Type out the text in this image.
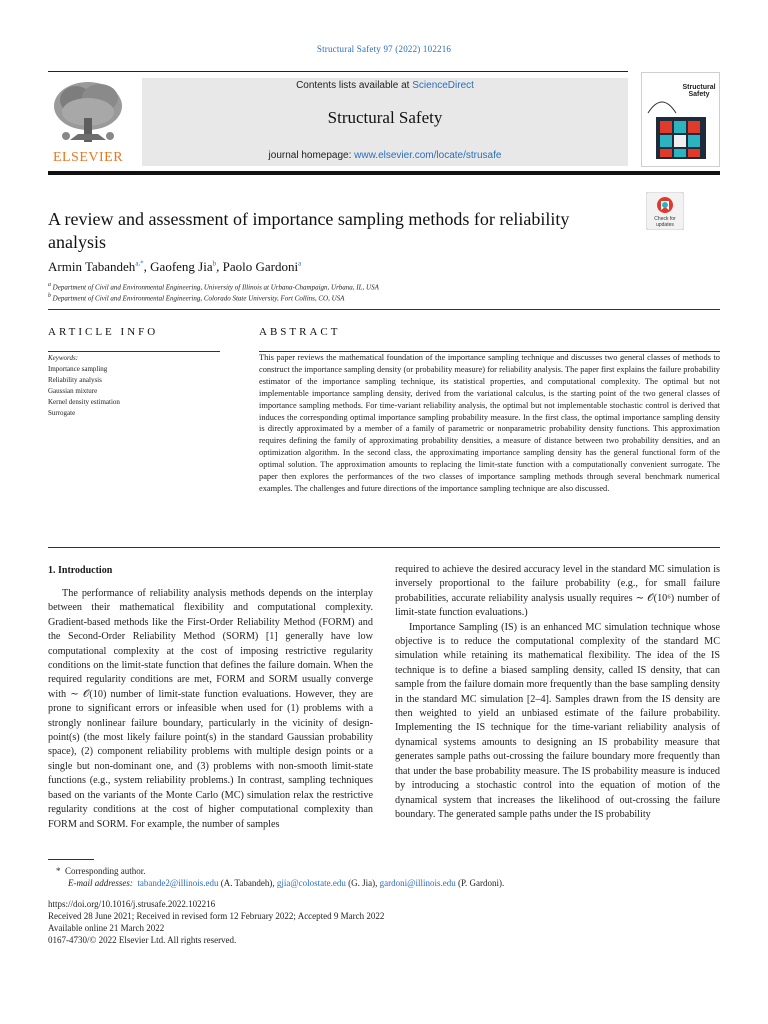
Structural Safety 97 (2022) 102216
ELSEVIER
Contents lists available at ScienceDirect
Structural Safety
journal homepage: www.elsevier.com/locate/strusafe
Structural
Safety
A review and assessment of importance sampling methods for reliability analysis
Check for
updates
Armin Tabandeh$^{a,*}$, Gaofeng Jia$^b$, Paolo Gardoni$^a$
$^a$ Department of Civil and Environmental Engineering, University of Illinois at Urbana-Champaign, Urbana, IL, USA
$^b$ Department of Civil and Environmental Engineering, Colorado State University, Fort Collins, CO, USA
ARTICLE INFO
Keywords:
Importance sampling
Reliability analysis
Gaussian mixture
Kernel density estimation
Surrogate
ABSTRACT
This paper reviews the mathematical foundation of the importance sampling technique and discusses two general classes of methods to construct the importance sampling density (or probability measure) for reliability analysis. The paper first explains the failure probability estimator of the importance sampling technique, its statistical properties, and computational complexity. The optimal but not implementable importance sampling density, derived from the variational calculus, is the starting point of the two general classes of importance sampling methods. For time-variant reliability analysis, the optimal but not implementable stochastic control is derived that induces the corresponding optimal importance sampling probability measure. In the first class, the optimal importance sampling density is directly approximated by a member of a family of parametric or nonparametric probability density functions. This approximation requires defining the family of approximating probability densities, a measure of distance between two probability densities, and an optimization algorithm. In the second class, the approximating importance sampling density has the general functional form of the optimal solution. The approximation amounts to replacing the limit-state function with a computationally convenient surrogate. The paper then explores the performances of the two classes of importance sampling methods through several benchmark numerical examples. The challenges and future directions of the importance sampling technique are also discussed.
1. Introduction
The performance of reliability analysis methods depends on the interplay between their mathematical flexibility and computational complexity. Gradient-based methods like the First-Order Reliability Method (FORM) and the Second-Order Reliability Method (SORM) [1] generally have low computational complexity at the cost of imposing restrictive regularity conditions on the limit-state function that defines the failure domain. When the required regularity conditions are met, FORM and SORM usually converge with ∼ 𝒪(10) number of limit-state function evaluations. However, they are prone to significant errors or infeasible when used for (1) problems with a strongly nonlinear failure boundary, particularly in the vicinity of design-point(s) (the most likely failure point(s) in the standard Gaussian probability space), (2) component reliability problems with multiple design points or a single but non-dominant one, and (3) problems with non-smooth limit-state functions (e.g., system reliability problems.) In contrast, sampling techniques based on the variants of the Monte Carlo (MC) simulation relax the restrictive regularity conditions at the cost of higher computational complexity than FORM and SORM. For example, the number of samples
required to achieve the desired accuracy level in the standard MC simulation is inversely proportional to the failure probability (e.g., for small failure probabilities, accurate reliability analysis usually requires ∼ 𝒪(10⁶) number of limit-state function evaluations.)
Importance Sampling (IS) is an enhanced MC simulation technique whose objective is to reduce the computational complexity of the standard MC simulation while retaining its mathematical flexibility. The idea of the IS technique is to define a biased sampling density, called IS density, that can sample from the failure domain more frequently than the base sampling density in the standard MC simulation [2–4]. Samples drawn from the IS density are then weighted to yield an unbiased estimate of the failure probability. Implementing the IS technique for the time-variant reliability analysis of dynamical systems amounts to designing an IS probability measure that generates sample paths out-crossing the failure boundary more frequently than that under the base probability measure. The IS probability measure is induced by introducing a stochastic control into the equation of motion of the dynamical system that increases the likelihood of out-crossing the failure boundary. The generated sample paths under the IS probability
* Corresponding author.
E-mail addresses: tabande2@illinois.edu (A. Tabandeh), gjia@colostate.edu (G. Jia), gardoni@illinois.edu (P. Gardoni).
https://doi.org/10.1016/j.strusafe.2022.102216
Received 28 June 2021; Received in revised form 12 February 2022; Accepted 9 March 2022
Available online 21 March 2022
0167-4730/© 2022 Elsevier Ltd. All rights reserved.
